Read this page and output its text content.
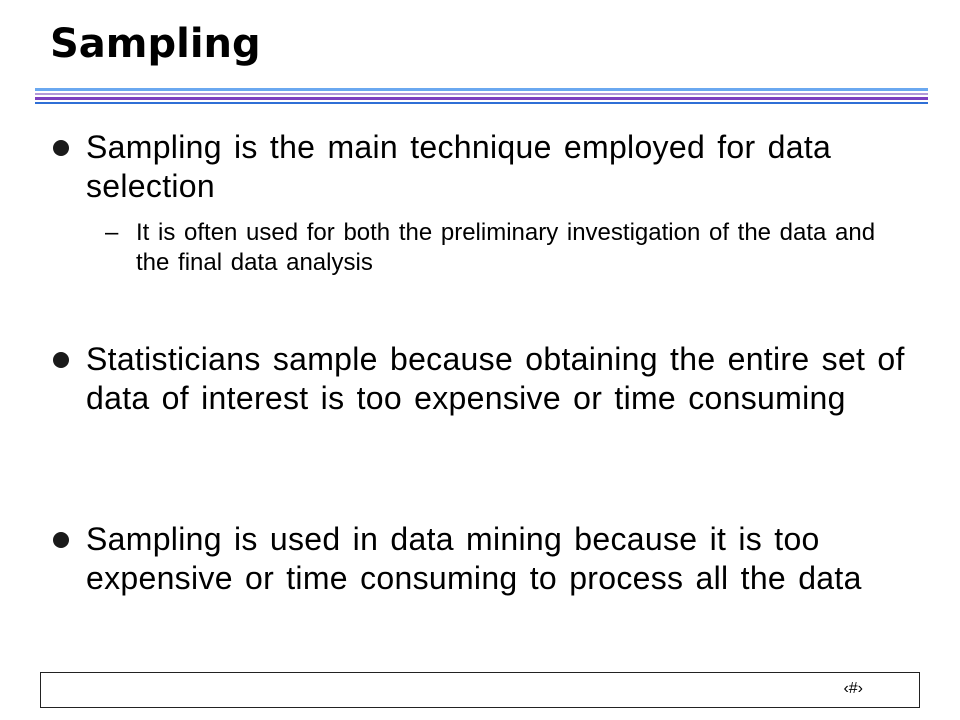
Sampling
Sampling is the main technique employed for data selection
– It is often used for both the preliminary investigation of the data and the final data analysis
Statisticians sample because obtaining the entire set of data of interest is too expensive or time consuming
Sampling is used in data mining because it is too expensive or time consuming to process all the data
‹#›
